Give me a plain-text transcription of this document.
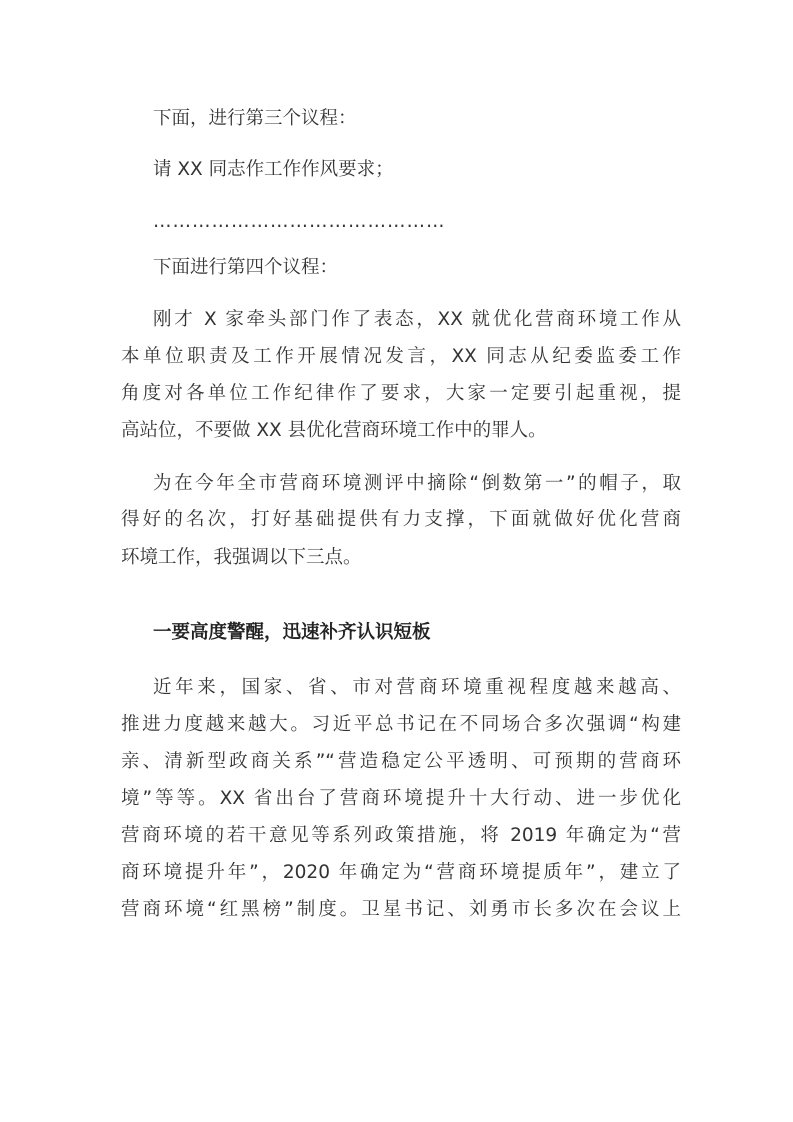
下面，进行第三个议程：
请 XX 同志作工作作风要求；
………………………………………
下面进行第四个议程：
刚才 X 家牵头部门作了表态，XX 就优化营商环境工作从
本单位职责及工作开展情况发言，XX 同志从纪委监委工作
角度对各单位工作纪律作了要求，大家一定要引起重视，提
高站位，不要做 XX 县优化营商环境工作中的罪人。
为在今年全市营商环境测评中摘除“倒数第一”的帽子，取
得好的名次，打好基础提供有力支撑，下面就做好优化营商
环境工作，我强调以下三点。
一要高度警醒，迅速补齐认识短板
近年来，国家、省、市对营商环境重视程度越来越高、
推进力度越来越大。习近平总书记在不同场合多次强调“构建
亲、清新型政商关系”“营造稳定公平透明、可预期的营商环
境”等等。XX 省出台了营商环境提升十大行动、进一步优化
营商环境的若干意见等系列政策措施，将 2019 年确定为“营
商环境提升年”，2020 年确定为“营商环境提质年”，建立了
营商环境“红黑榜”制度。卫星书记、刘勇市长多次在会议上
